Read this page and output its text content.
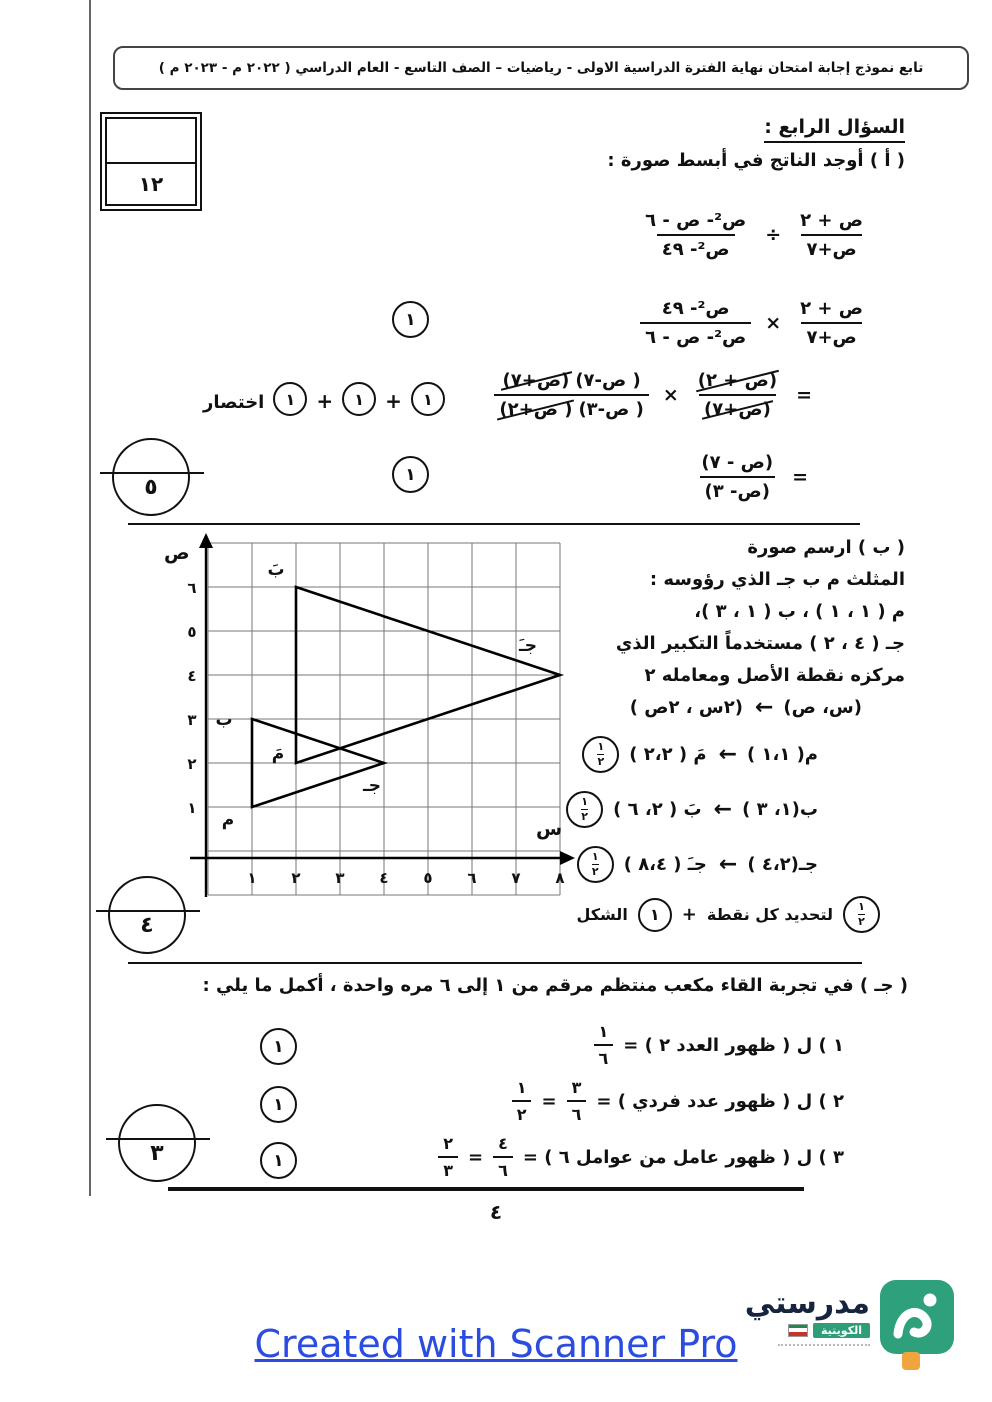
تابع نموذج إجابة امتحان نهاية الفترة الدراسية الاولى - رياضيات – الصف التاسع - العام الدراسي ( ٢٠٢٢ م - ٢٠٢٣ م )
١٢
السؤال الرابع :
( أ ) أوجد الناتج في أبسط صورة :
$\frac{\text{ص + ٢}}{\text{ص+٧}}$
÷
$\frac{\text{ص²- ص - ٦}}{\text{ص²- ٤٩}}$
$\frac{\text{ص + ٢}}{\text{ص+٧}}$
×
$\frac{\text{ص²- ٤٩}}{\text{ص²- ص - ٦}}$
١
=
$\frac{\text{(ص + ٢)}}{\text{(ص+٧)}}$
×
( ص-٧)
(ص+٧)
( ص-٣)
( ص+٢)
اختصار	١	+	١	+	١
=
$\frac{\text{(ص - ٧)}}{\text{(ص- ٣)}}$
١
٥
( ب ) ارسم صورة
المثلث م ب جـ الذي رؤوسه :
م ( ١ ، ١ ) ، ب ( ١ ، ٣ )،
جـ ( ٤ ، ٢ ) مستخدماً التكبير الذي
مركزه نقطة الأصل ومعامله ٢
(س، ص)
←
(٢س ، ٢ص )
م( ١،١ )
←
مَ ( ٢،٢ )
١
٢
ب(١، ٣ )
←
بَ ( ٢، ٦ )
١
٢
جـ(٤،٢ )
←
جـَ ( ٨،٤ )
١
٢
١
٢
لتحديد كل نقطة
+
١
الشكل
ص
س
٦
٥
٤
٣
٢
١
١ ٢ ٣ ٤ ٥ ٦ ٧ ٨
بَ
جـَ
ب
مَ
جـ
م
٤
( جـ ) في تجربة القاء مكعب منتظم مرقم من ١ إلى ٦ مره واحدة ، أكمل ما يلي :
١ ) ل ( ظهور العدد ٢ ) =
$\frac{١}{٦}$
٢ ) ل ( ظهور عدد فردي ) =
$\frac{٣}{٦}$
=
$\frac{١}{٢}$
٣ ) ل ( ظهور عامل من عوامل ٦ ) =
$\frac{٤}{٦}$
=
$\frac{٢}{٣}$
١
١
١
٣
٤
Created with Scanner Pro
مدرستي
الكويتية
